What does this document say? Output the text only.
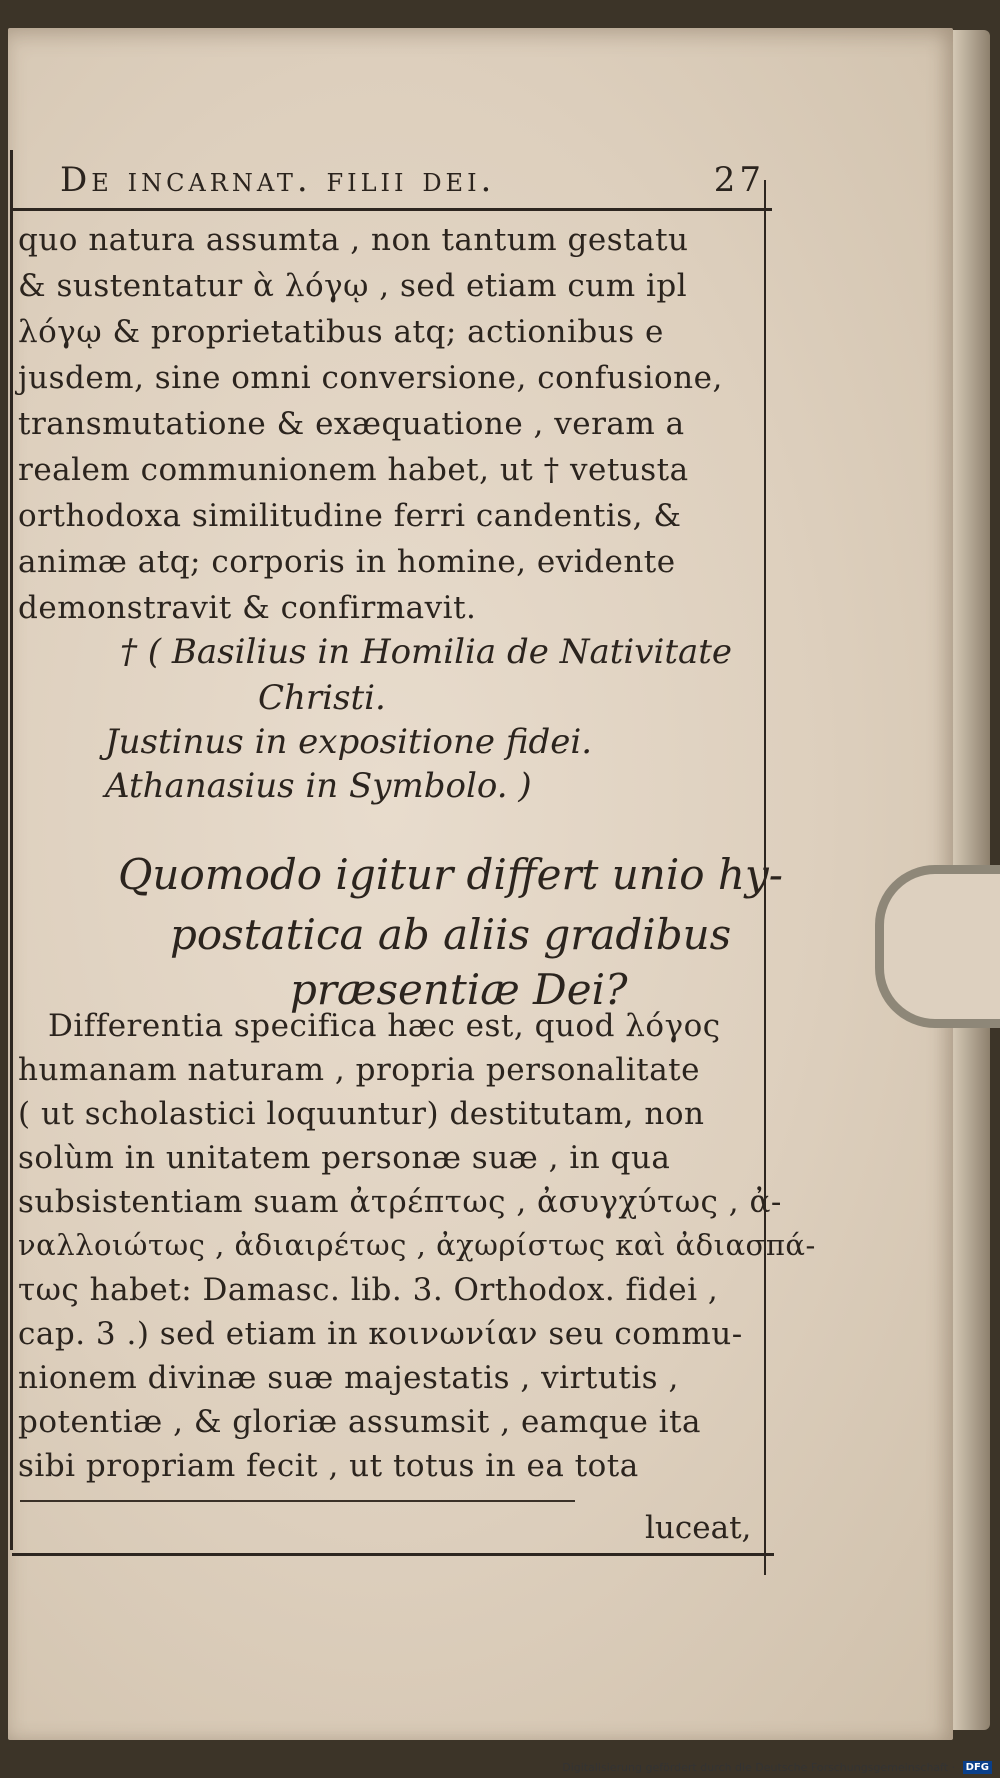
De incarnat. filii dei.	27
quo natura assumta , non tantum gestatu
& sustentatur ὰ λόγῳ , sed etiam cum ipl
λόγῳ & proprietatibus atq; actionibus e
jusdem, sine omni conversione, confusione,
transmutatione & exæquatione , veram a
realem communionem habet, ut † vetusta
orthodoxa similitudine ferri candentis, &
animæ atq; corporis in homine, evidente
demonstravit & confirmavit.
† ( Basilius in Homilia de Nativitate
Christi.
Justinus in expositione fidei.
Athanasius in Symbolo. )
Quomodo igitur differt unio hy-
postatica ab aliis gradibus
præsentiæ Dei?
Differentia specifica hæc est, quod λόγος
humanam naturam , propria personalitate
( ut scholastici loquuntur) destitutam, non
solùm in unitatem personæ suæ , in qua
subsistentiam suam ἀτρέπτως , ἀσυγχύτως , ἀ-
ναλλοιώτως , ἀδιαιρέτως , ἀχωρίστως καὶ ἀδιασπά-
τως habet: Damasc. lib. 3. Orthodox. fidei ,
cap. 3 .) sed etiam in κοινωνίαν seu commu-
nionem divinæ suæ majestatis , virtutis ,
potentiæ , & gloriæ assumsit , eamque ita
sibi propriam fecit , ut totus in ea tota
luceat,
Digitalisierung gefördert durch die Deutsche Forschungsgemeinschaft · DFG
